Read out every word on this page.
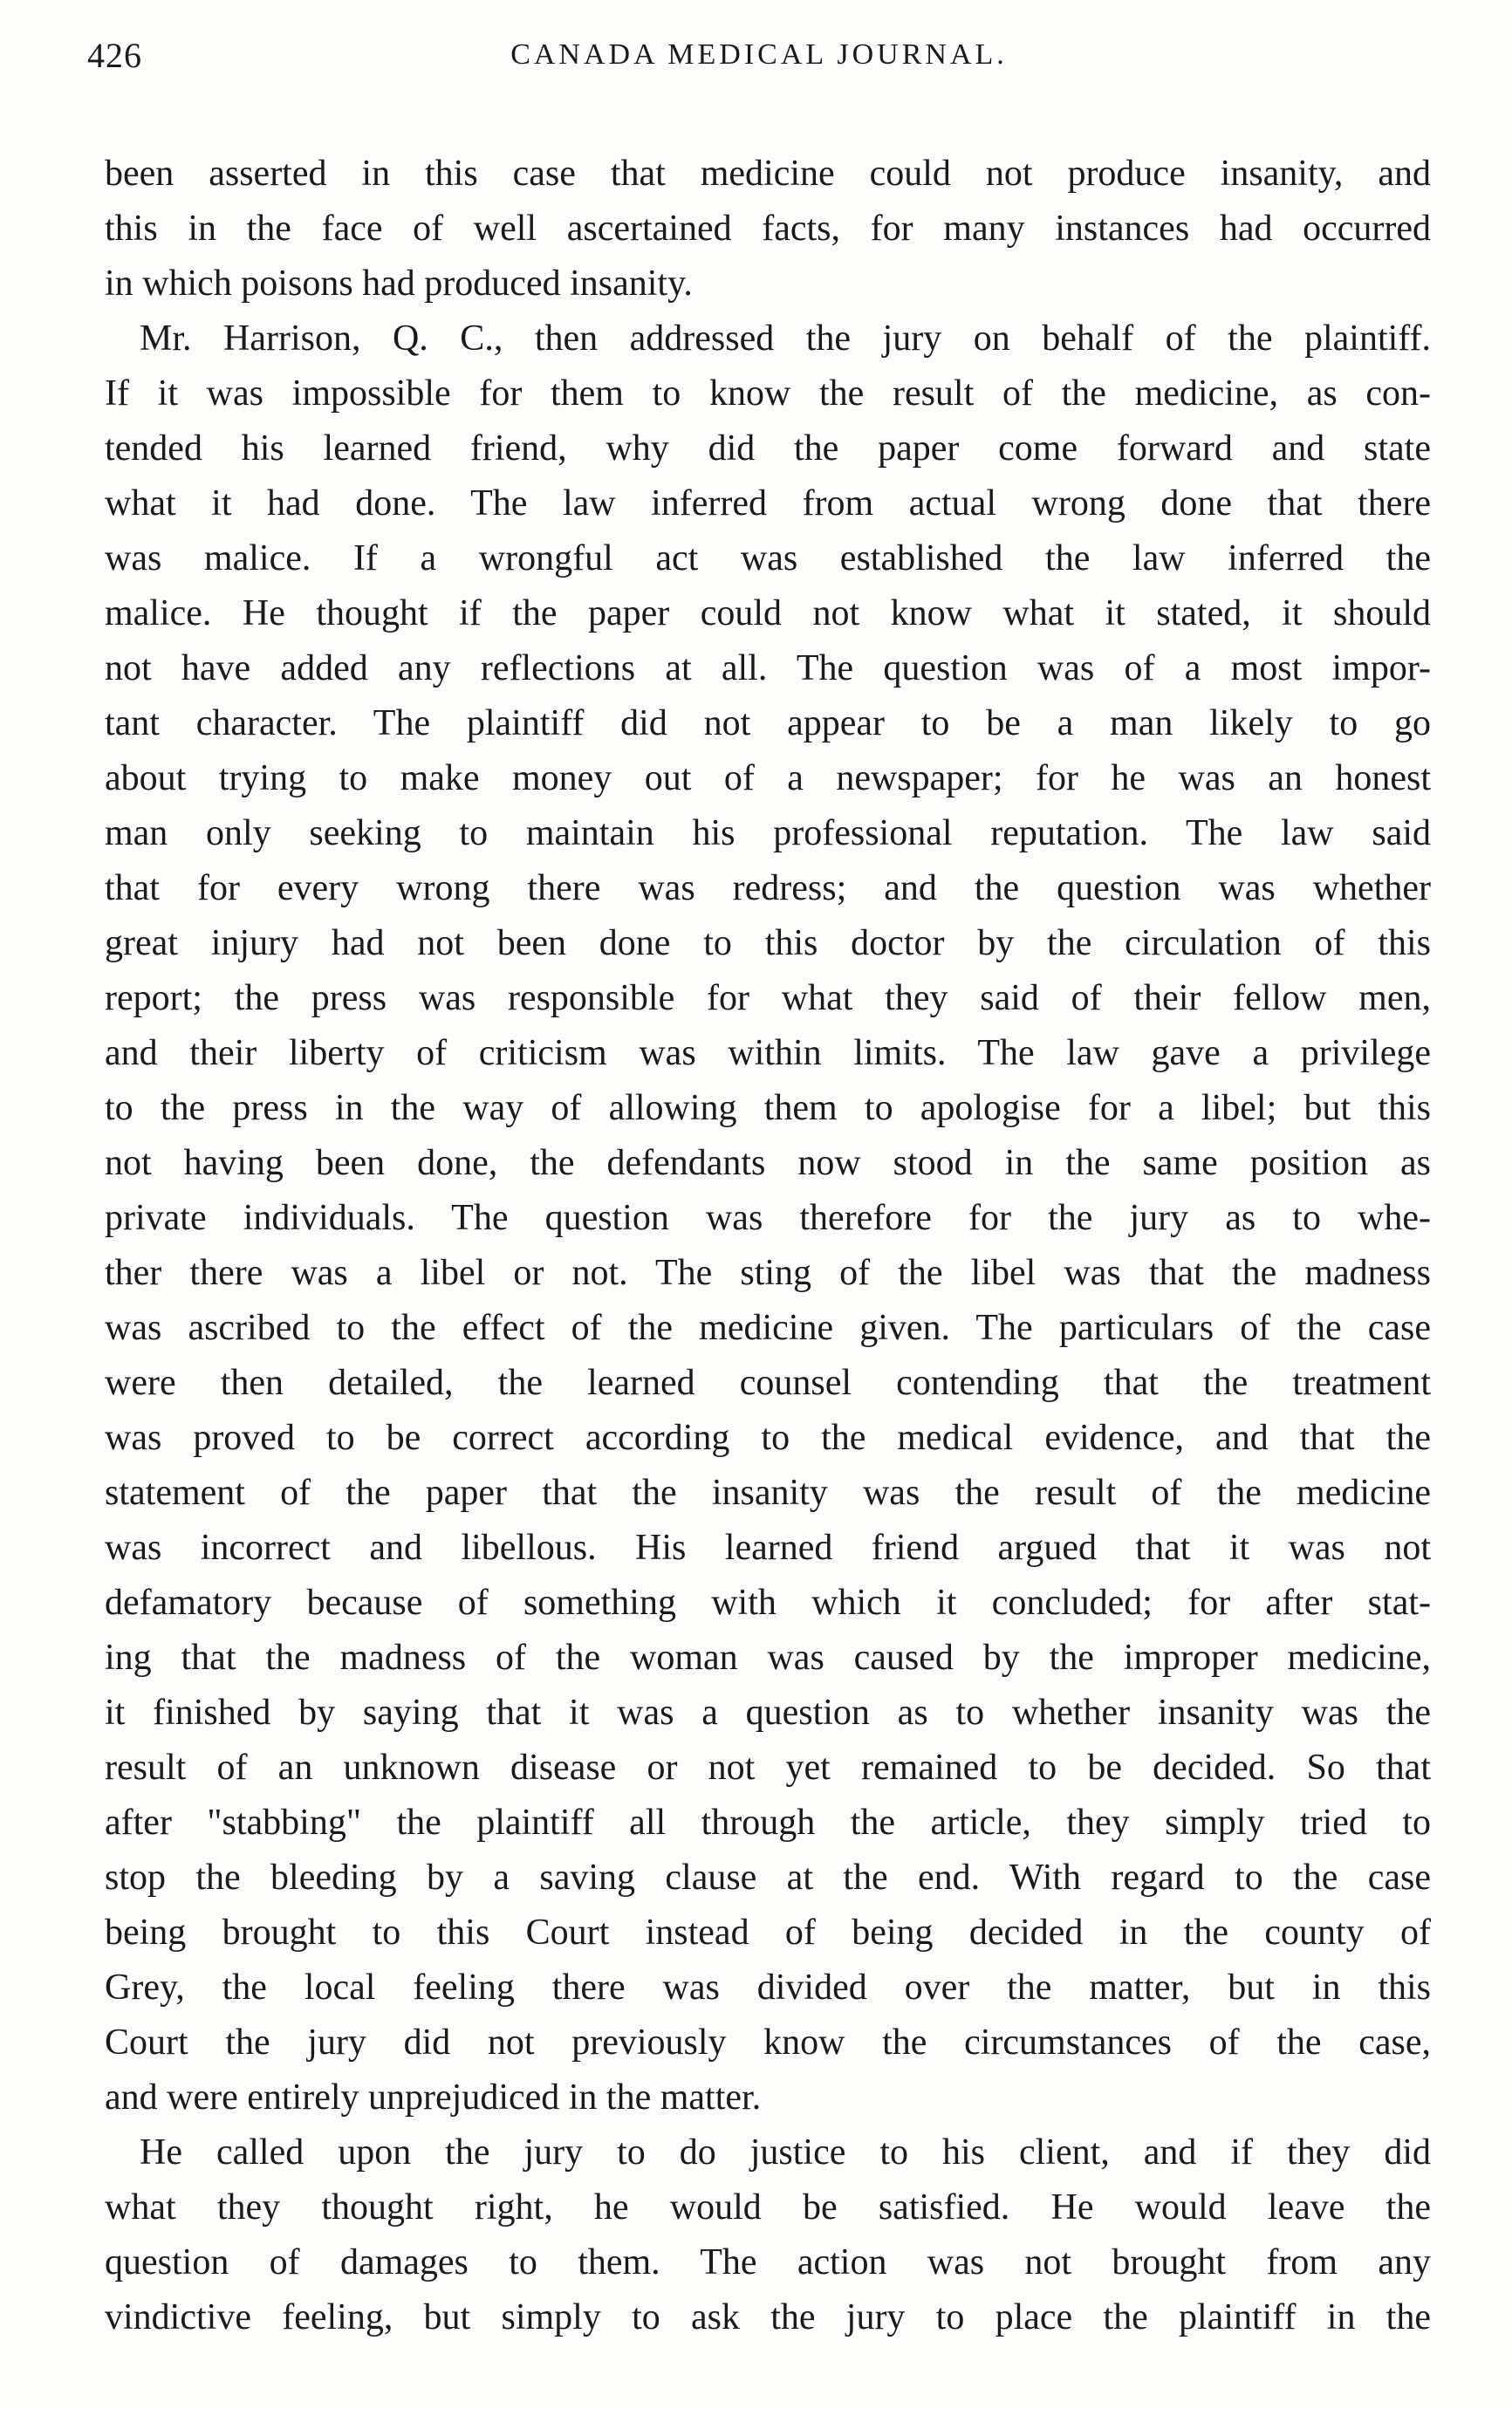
426	CANADA MEDICAL JOURNAL.
been asserted in this case that medicine could not produce insanity, and
this in the face of well ascertained facts, for many instances had occurred
in which poisons had produced insanity.
Mr. Harrison, Q. C., then addressed the jury on behalf of the plaintiff.
If it was impossible for them to know the result of the medicine, as con-
tended his learned friend, why did the paper come forward and state
what it had done. The law inferred from actual wrong done that there
was malice. If a wrongful act was established the law inferred the
malice. He thought if the paper could not know what it stated, it should
not have added any reflections at all. The question was of a most impor-
tant character. The plaintiff did not appear to be a man likely to go
about trying to make money out of a newspaper; for he was an honest
man only seeking to maintain his professional reputation. The law said
that for every wrong there was redress; and the question was whether
great injury had not been done to this doctor by the circulation of this
report; the press was responsible for what they said of their fellow men,
and their liberty of criticism was within limits. The law gave a privilege
to the press in the way of allowing them to apologise for a libel; but this
not having been done, the defendants now stood in the same position as
private individuals. The question was therefore for the jury as to whe-
ther there was a libel or not. The sting of the libel was that the madness
was ascribed to the effect of the medicine given. The particulars of the case
were then detailed, the learned counsel contending that the treatment
was proved to be correct according to the medical evidence, and that the
statement of the paper that the insanity was the result of the medicine
was incorrect and libellous. His learned friend argued that it was not
defamatory because of something with which it concluded; for after stat-
ing that the madness of the woman was caused by the improper medicine,
it finished by saying that it was a question as to whether insanity was the
result of an unknown disease or not yet remained to be decided. So that
after "stabbing" the plaintiff all through the article, they simply tried to
stop the bleeding by a saving clause at the end. With regard to the case
being brought to this Court instead of being decided in the county of
Grey, the local feeling there was divided over the matter, but in this
Court the jury did not previously know the circumstances of the case,
and were entirely unprejudiced in the matter.
He called upon the jury to do justice to his client, and if they did
what they thought right, he would be satisfied. He would leave the
question of damages to them. The action was not brought from any
vindictive feeling, but simply to ask the jury to place the plaintiff in the
